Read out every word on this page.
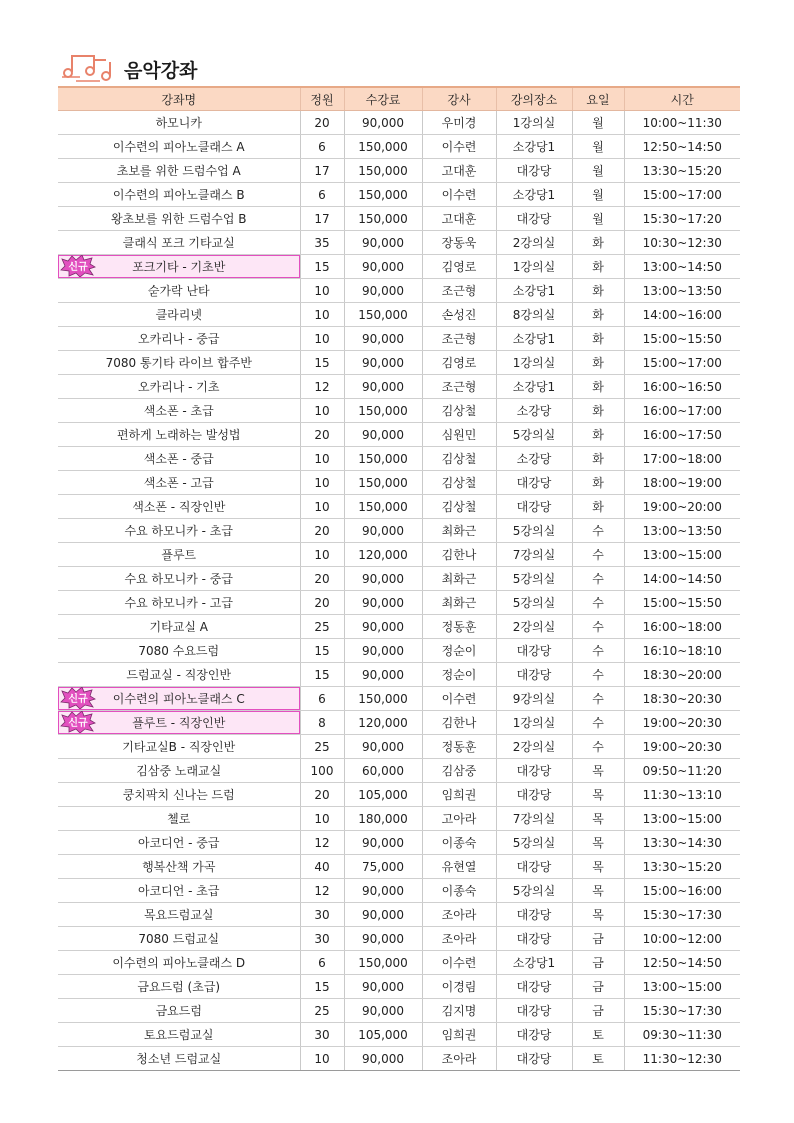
음악강좌
강좌명	정원	수강료	강사	강의장소	요일	시간
하모니카	20	90,000	우미경	1강의실	월	10:00~11:30
이수련의 피아노클래스 A	6	150,000	이수련	소강당1	월	12:50~14:50
초보를 위한 드럼수업 A	17	150,000	고대훈	대강당	월	13:30~15:20
이수련의 피아노클래스 B	6	150,000	이수련	소강당1	월	15:00~17:00
왕초보를 위한 드럼수업 B	17	150,000	고대훈	대강당	월	15:30~17:20
클래식 포크 기타교실	35	90,000	장동욱	2강의실	화	10:30~12:30

신규 포크기타 - 기초반	15	90,000	김영로	1강의실	화	13:00~14:50
숟가락 난타	10	90,000	조근형	소강당1	화	13:00~13:50
클라리넷	10	150,000	손성진	8강의실	화	14:00~16:00
오카리나 - 중급	10	90,000	조근형	소강당1	화	15:00~15:50
7080 통기타 라이브 합주반	15	90,000	김영로	1강의실	화	15:00~17:00
오카리나 - 기초	12	90,000	조근형	소강당1	화	16:00~16:50
색소폰 - 초급	10	150,000	김상철	소강당	화	16:00~17:00
편하게 노래하는 발성법	20	90,000	심원민	5강의실	화	16:00~17:50
색소폰 - 중급	10	150,000	김상철	소강당	화	17:00~18:00
색소폰 - 고급	10	150,000	김상철	대강당	화	18:00~19:00
색소폰 - 직장인반	10	150,000	김상철	대강당	화	19:00~20:00
수요 하모니카 - 초급	20	90,000	최화근	5강의실	수	13:00~13:50
플루트	10	120,000	김한나	7강의실	수	13:00~15:00
수요 하모니카 - 중급	20	90,000	최화근	5강의실	수	14:00~14:50
수요 하모니카 - 고급	20	90,000	최화근	5강의실	수	15:00~15:50
기타교실 A	25	90,000	정동훈	2강의실	수	16:00~18:00
7080 수요드럼	15	90,000	정순이	대강당	수	16:10~18:10
드럼교실 - 직장인반	15	90,000	정순이	대강당	수	18:30~20:00

신규 이수련의 피아노클래스 C	6	150,000	이수련	9강의실	수	18:30~20:30

신규 플루트 - 직장인반	8	120,000	김한나	1강의실	수	19:00~20:30
기타교실B - 직장인반	25	90,000	정동훈	2강의실	수	19:00~20:30
김삼중 노래교실	100	60,000	김삼중	대강당	목	09:50~11:20
쿵치팍치 신나는 드럼	20	105,000	임희권	대강당	목	11:30~13:10
첼로	10	180,000	고아라	7강의실	목	13:00~15:00
아코디언 - 중급	12	90,000	이종숙	5강의실	목	13:30~14:30
행복산책 가곡	40	75,000	유현열	대강당	목	13:30~15:20
아코디언 - 초급	12	90,000	이종숙	5강의실	목	15:00~16:00
목요드럼교실	30	90,000	조아라	대강당	목	15:30~17:30
7080 드럼교실	30	90,000	조아라	대강당	금	10:00~12:00
이수련의 피아노클래스 D	6	150,000	이수련	소강당1	금	12:50~14:50
금요드럼 (초급)	15	90,000	이경림	대강당	금	13:00~15:00
금요드럼	25	90,000	김지명	대강당	금	15:30~17:30
토요드럼교실	30	105,000	임희권	대강당	토	09:30~11:30
청소년 드럼교실	10	90,000	조아라	대강당	토	11:30~12:30
